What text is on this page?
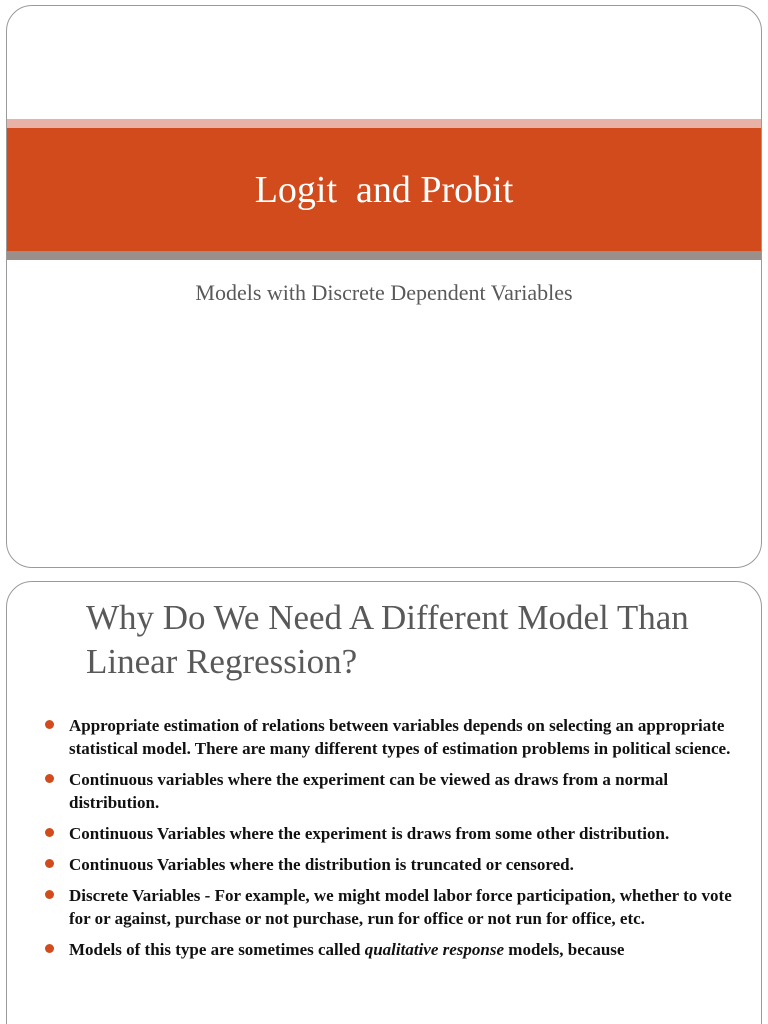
Logit  and Probit
Models with Discrete Dependent Variables
Why Do We Need A Different Model Than Linear Regression?
Appropriate estimation of relations between variables depends on selecting an appropriate statistical model. There are many different types of estimation problems in political science.
Continuous variables where the experiment can be viewed as draws from a normal distribution.
Continuous Variables where the experiment is draws from some other distribution.
Continuous Variables where the distribution is truncated or censored.
Discrete Variables - For example, we might model labor force participation, whether to vote for or against, purchase or not purchase, run for office or not run for office, etc.
Models of this type are sometimes called qualitative response models, because
